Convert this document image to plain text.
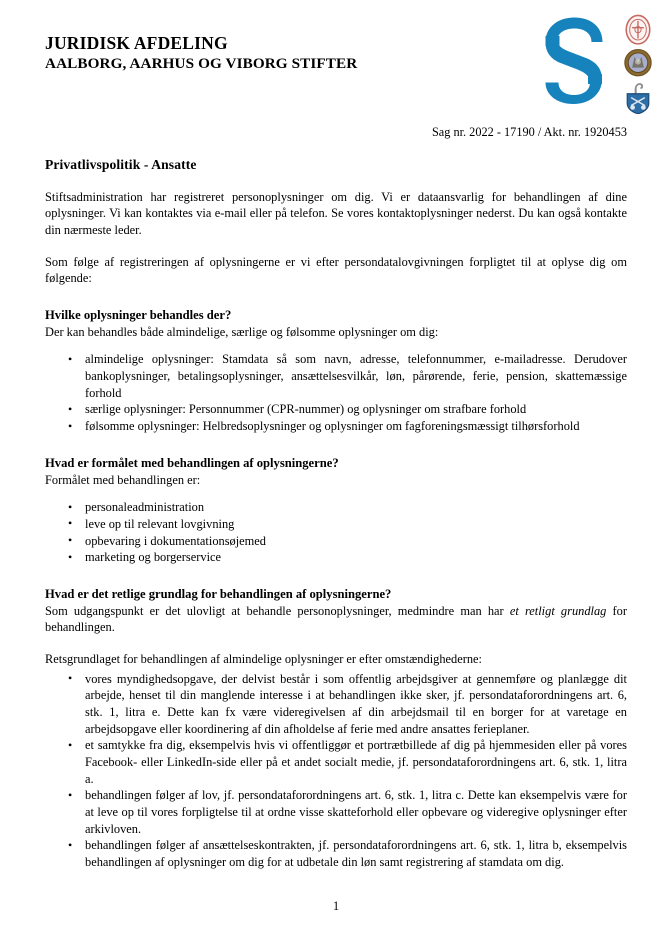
JURIDISK AFDELING
AALBORG, AARHUS OG VIBORG STIFTER
Sag nr. 2022 - 17190 / Akt. nr. 1920453
Privatlivspolitik - Ansatte

Stiftsadministration har registreret personoplysninger om dig. Vi er dataansvarlig for behandlingen af dine oplysninger. Vi kan kontaktes via e-mail eller på telefon. Se vores kontaktoplysninger nederst. Du kan også kontakte din nærmeste leder.

Som følge af registreringen af oplysningerne er vi efter persondatalovgivningen forpligtet til at oplyse dig om følgende:

Hvilke oplysninger behandles der?

Der kan behandles både almindelige, særlige og følsomme oplysninger om dig:

• almindelige oplysninger: Stamdata så som navn, adresse, telefonnummer, e-mailadresse. Derudover bankoplysninger, betalingsoplysninger, ansættelsesvilkår, løn, pårørende, ferie, pension, skattemæssige forhold
• særlige oplysninger: Personnummer (CPR-nummer) og oplysninger om strafbare forhold
• følsomme oplysninger: Helbredsoplysninger og oplysninger om fagforeningsmæssigt tilhørsforhold
Hvad er formålet med behandlingen af oplysningerne?

Formålet med behandlingen er:

• personaleadministration
• leve op til relevant lovgivning
• opbevaring i dokumentationsøjemed
• marketing og borgerservice
Hvad er det retlige grundlag for behandlingen af oplysningerne?

Som udgangspunkt er det ulovligt at behandle personoplysninger, medmindre man har et retligt grundlag for behandlingen.

Retsgrundlaget for behandlingen af almindelige oplysninger er efter omstændighederne:

• vores myndighedsopgave, der delvist består i som offentlig arbejdsgiver at gennemføre og planlægge dit arbejde, henset til din manglende interesse i at behandlingen ikke sker, jf. persondataforordningens art. 6, stk. 1, litra e. Dette kan fx være videregivelsen af din arbejdsmail til en borger for at varetage en arbejdsopgave eller koordinering af din afholdelse af ferie med andre ansattes ferieplaner.
• et samtykke fra dig, eksempelvis hvis vi offentliggør et portrætbillede af dig på hjemmesiden eller på vores Facebook- eller LinkedIn-side eller på et andet socialt medie, jf. persondataforordningens art. 6, stk. 1, litra a.
• behandlingen følger af lov, jf. persondataforordningens art. 6, stk. 1, litra c. Dette kan eksempelvis være for at leve op til vores forpligtelse til at ordne visse skatteforhold eller opbevare og videregive oplysninger efter arkivloven.
• behandlingen følger af ansættelseskontrakten, jf. persondataforordningens art. 6, stk. 1, litra b, eksempelvis behandlingen af oplysninger om dig for at udbetale din løn samt registrering af stamdata om dig.
1
